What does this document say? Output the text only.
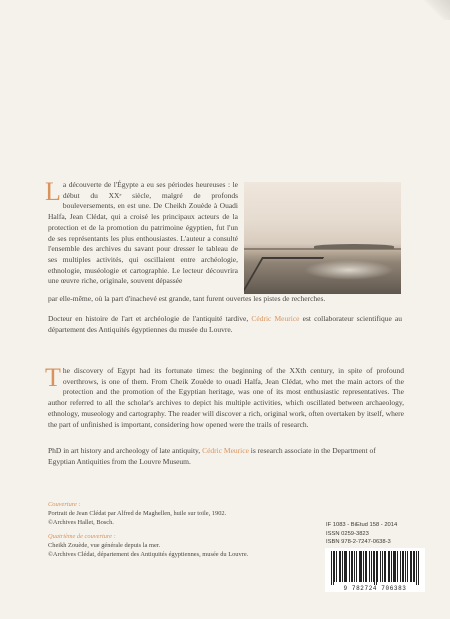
La découverte de l'Égypte a eu ses périodes heureuses : le début du XXᵉ siècle, malgré de profonds bouleversements, en est une. De Cheikh Zouède à Ouadi Halfa, Jean Clédat, qui a croisé les principaux acteurs de la protection et de la promotion du patrimoine égyptien, fut l'un de ses représentants les plus enthousiastes. L'auteur a consulté l'ensemble des archives du savant pour dresser le tableau de ses multiples activités, qui oscillaient entre archéologie, ethnologie, muséologie et cartographie. Le lecteur découvrira une œuvre riche, originale, souvent dépassée
par elle-même, où la part d'inachevé est grande, tant furent ouvertes les pistes de recherches.
Docteur en histoire de l'art et archéologie de l'antiquité tardive, Cédric Meurice est collaborateur scientifique au département des Antiquités égyptiennes du musée du Louvre.
The discovery of Egypt had its fortunate times: the beginning of the XXth century, in spite of profound overthrows, is one of them. From Cheik Zouède to ouadi Halfa, Jean Clédat, who met the main actors of the protection and the promotion of the Egyptian heritage, was one of its most enthusiastic representatives. The author referred to all the scholar's archives to depict his multiple activities, which oscillated between archaeology, ethnology, museology and cartography. The reader will discover a rich, original work, often overtaken by itself, where the part of unfinished is important, considering how opened were the trails of research.
PhD in art history and archeology of late antiquity, Cédric Meurice is research associate in the Department of Egyptian Antiquities from the Louvre Museum.
Couverture :
Portrait de Jean Clédat par Alfred de Maghellen, huile sur toile, 1902.
©Archives Hallet, Bosch.
Quatrième de couverture :
Cheikh Zouède, vue générale depuis la mer.
©Archives Clédat, département des Antiquités égyptiennes, musée du Louvre.
IF 1083 - BiEtud 158 - 2014
ISSN 0259-3823
ISBN 978-2-7247-0638-3
9 782724 706383
